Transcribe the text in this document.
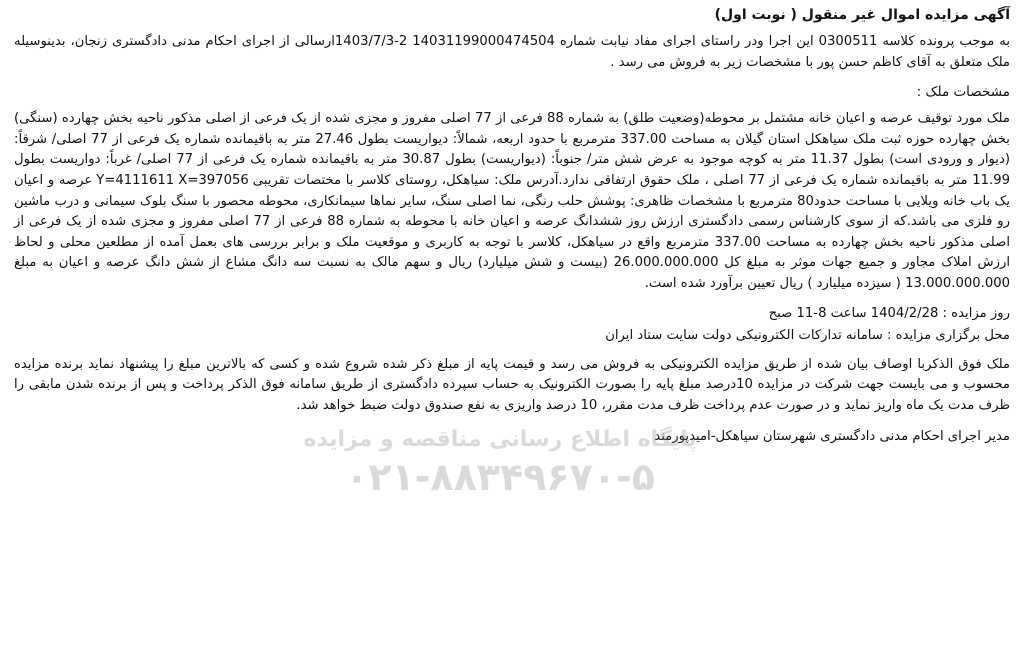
آگهی مزایده اموال غیر منقول ( نوبت اول)

به موجب پرونده کلاسه 0300511 این اجرا ودر راستای اجرای مفاد نیابت شماره 14031199000474504 2-1403/7/3ارسالی از اجرای احکام مدنی دادگستری زنجان، بدینوسیله ملک متعلق به آقای کاظم حسن پور با مشخصات زیر به فروش می رسد .

مشخصات ملک :

ملک مورد توقیف عرصه و اعیان خانه مشتمل بر محوطه(وضعیت طلق) به شماره 88 فرعی از 77 اصلی مفروز و مجزی شده از یک فرعی از اصلی مذکور ناحیه بخش چهارده (سنگی) بخش چهارده حوزه ثبت ملک سیاهکل استان گیلان به مساحت 337.00 مترمربع با حدود اربعه، شمالاً: دیواریست بطول 27.46 متر به باقیمانده شماره یک فرعی از 77 اصلی/ شرقاً: (دیوار و ورودی است) بطول 11.37 متر به کوچه موجود به عرض شش متر/ جنوباً: (دیواریست) بطول 30.87 متر به باقیمانده شماره یک فرعی از 77 اصلی/ غرباً: دواریست بطول 11.99 متر به باقیمانده شماره یک فرعی از 77 اصلی ، ملک حقوق ارتفاقی ندارد.آدرس ملک: سیاهکل، روستای کلاسر با مختصات تقریبیY=4111611 X=397056عرصه و اعیان یک باب خانه ویلایی با مساحت حدود80 مترمربع با مشخصات ظاهری: پوشش حلب رنگی، نما اصلی سنگ، سایر نماها سیمانکاری، محوطه محصور با سنگ بلوک سیمانی و درب ماشین رو فلزی می باشد.که از سوی کارشناس رسمی دادگستری ارزش روز ششدانگ عرصه و اعیان خانه با محوطه به شماره 88 فرعی از 77 اصلی مفروز و مجزی شده از یک فرعی از اصلی مذکور ناحیه بخش چهارده به مساحت 337.00 مترمربع واقع در سیاهکل، کلاسر با توجه به کاربری و موقعیت ملک و برابر بررسی های بعمل آمده از مطلعین محلی و لحاظ ارزش املاک مجاور و جمیع جهات موثر به مبلغ کل 26.000.000.000 (بیست و شش میلیارد) ریال و سهم مالک به نسبت سه دانگ مشاع از شش دانگ عرصه و اعیان به مبلغ 13.000.000.000 ( سیزده میلیارد ) ریال تعیین برآورد شده است.

روز مزایده : 1404/2/28 ساعت 8-11 صبح

محل برگزاری مزایده : سامانه تدارکات الکترونیکی دولت سایت ستاد ایران

ملک فوق الذکربا اوصاف بیان شده از طریق مزایده الکترونیکی به فروش می رسد و قیمت پایه از مبلغ ذکر شده شروع شده و کسی که بالاترین مبلغ را پیشنهاد نماید برنده مزایده محسوب و می بایست جهت شرکت در مزایده 10درصد مبلغ پایه را بصورت الکترونیک به حساب سپرده دادگستری از طریق سامانه فوق الذکر پرداخت و پس از برنده شدن مابقی را ظرف مدت یک ماه واریز نماید و در صورت عدم پرداخت ظرف مدت مقرر، 10 درصد واریزی به نفع صندوق دولت ضبط خواهد شد.

مدیر اجرای احکام مدنی دادگستری شهرستان سیاهکل-امیدپورمند
پایگاه اطلاع رسانی مناقصه و مزایده
۰۲۱-۸۸۳۴۹۶۷۰-۵
